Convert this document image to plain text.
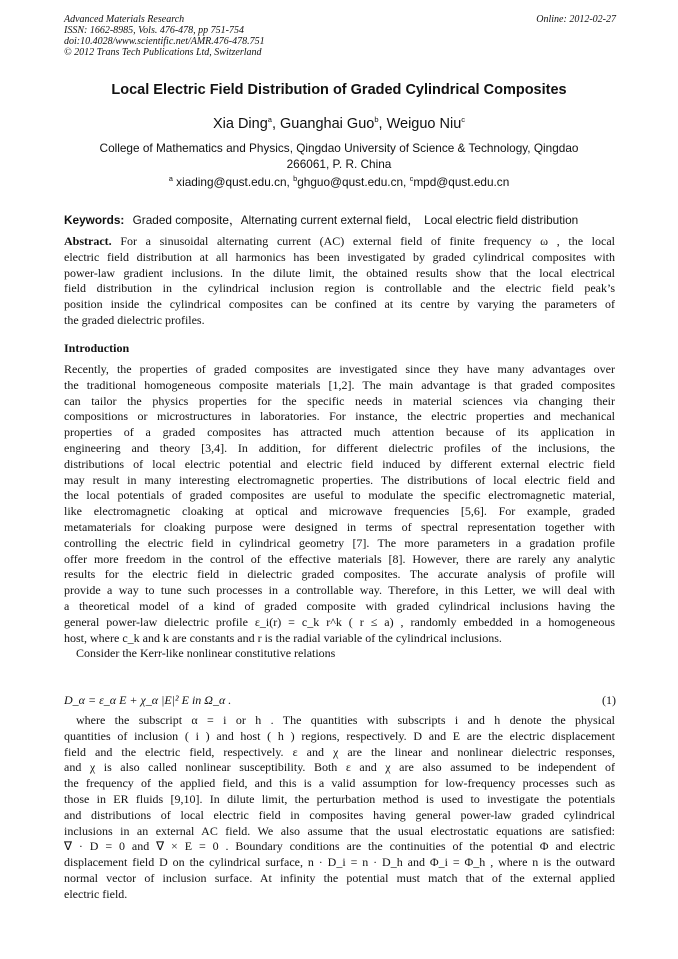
Advanced Materials Research
ISSN: 1662-8985, Vols. 476-478, pp 751-754
doi:10.4028/www.scientific.net/AMR.476-478.751
© 2012 Trans Tech Publications Ltd, Switzerland
Online: 2012-02-27
Local Electric Field Distribution of Graded Cylindrical Composites
Xia Ding$^a$, Guanghai Guo$^b$, Weiguo Niu$^c$
College of Mathematics and Physics, Qingdao University of Science & Technology, Qingdao
266061, P. R. China
$^a$ xiading@qust.edu.cn, $^b$ghguo@qust.edu.cn, $^c$mpd@qust.edu.cn
Keywords: Graded composite，Alternating current external field， Local electric field distribution
Abstract. For a sinusoidal alternating current (AC) external field of finite frequency ω , the local
electric field distribution at all harmonics has been investigated by graded cylindrical composites with
power-law gradient inclusions. In the dilute limit, the obtained results show that the local electrical
field distribution in the cylindrical inclusion region is controllable and the electric field peak’s
position inside the cylindrical composites can be confined at its centre by varying the parameters of
the graded dielectric profiles.
Introduction
Recently, the properties of graded composites are investigated since they have many advantages over
the traditional homogeneous composite materials [1,2]. The main advantage is that graded composites
can tailor the physics properties for the specific needs in material sciences via changing their
compositions or microstructures in laboratories. For instance, the electric properties and mechanical
properties of a graded composites has attracted much attention because of its application in
engineering and theory [3,4]. In addition, for different dielectric profiles of the inclusions, the
distributions of local electric potential and electric field induced by different external electric field
may result in many interesting electromagnetic properties. The distributions of local electric field and
the local potentials of graded composites are useful to modulate the specific electromagnetic material,
like electromagnetic cloaking at optical and microwave frequencies [5,6]. For example, graded
metamaterials for cloaking purpose were designed in terms of spectral representation together with
controlling the electric field in cylindrical geometry [7]. The more parameters in a gradation profile
offer more freedom in the control of the effective materials [8]. However, there are rarely any analytic
results for the electric field in dielectric graded composites. The accurate analysis of profile will
provide a way to tune such processes in a controllable way. Therefore, in this Letter, we will deal with
a theoretical model of a kind of graded composite with graded cylindrical inclusions having the
general power-law dielectric profile ε_i(r) = c_k r^k ( r ≤ a) , randomly embedded in a homogeneous
host, where c_k and k are constants and r is the radial variable of the cylindrical inclusions.
Consider the Kerr-like nonlinear constitutive relations
D_α = ε_α E + χ_α |E|² E in Ω_α .	(1)
where the subscript α = i or h . The quantities with subscripts i and h denote the physical
quantities of inclusion ( i ) and host ( h ) regions, respectively. D and E are the electric displacement
field and the electric field, respectively. ε and χ are the linear and nonlinear dielectric responses,
and χ is also called nonlinear susceptibility. Both ε and χ are also assumed to be independent of
the frequency of the applied field, and this is a valid assumption for low-frequency processes such as
those in ER fluids [9,10]. In dilute limit, the perturbation method is used to investigate the potentials
and distributions of local electric field in composites having general power-law graded cylindrical
inclusions in an external AC field. We also assume that the usual electrostatic equations are satisfied:
∇ · D = 0 and ∇ × E = 0 . Boundary conditions are the continuities of the potential Φ and electric
displacement field D on the cylindrical surface, n · D_i = n · D_h and Φ_i = Φ_h , where n is the outward
normal vector of inclusion surface. At infinity the potential must match that of the external applied
electric field.
